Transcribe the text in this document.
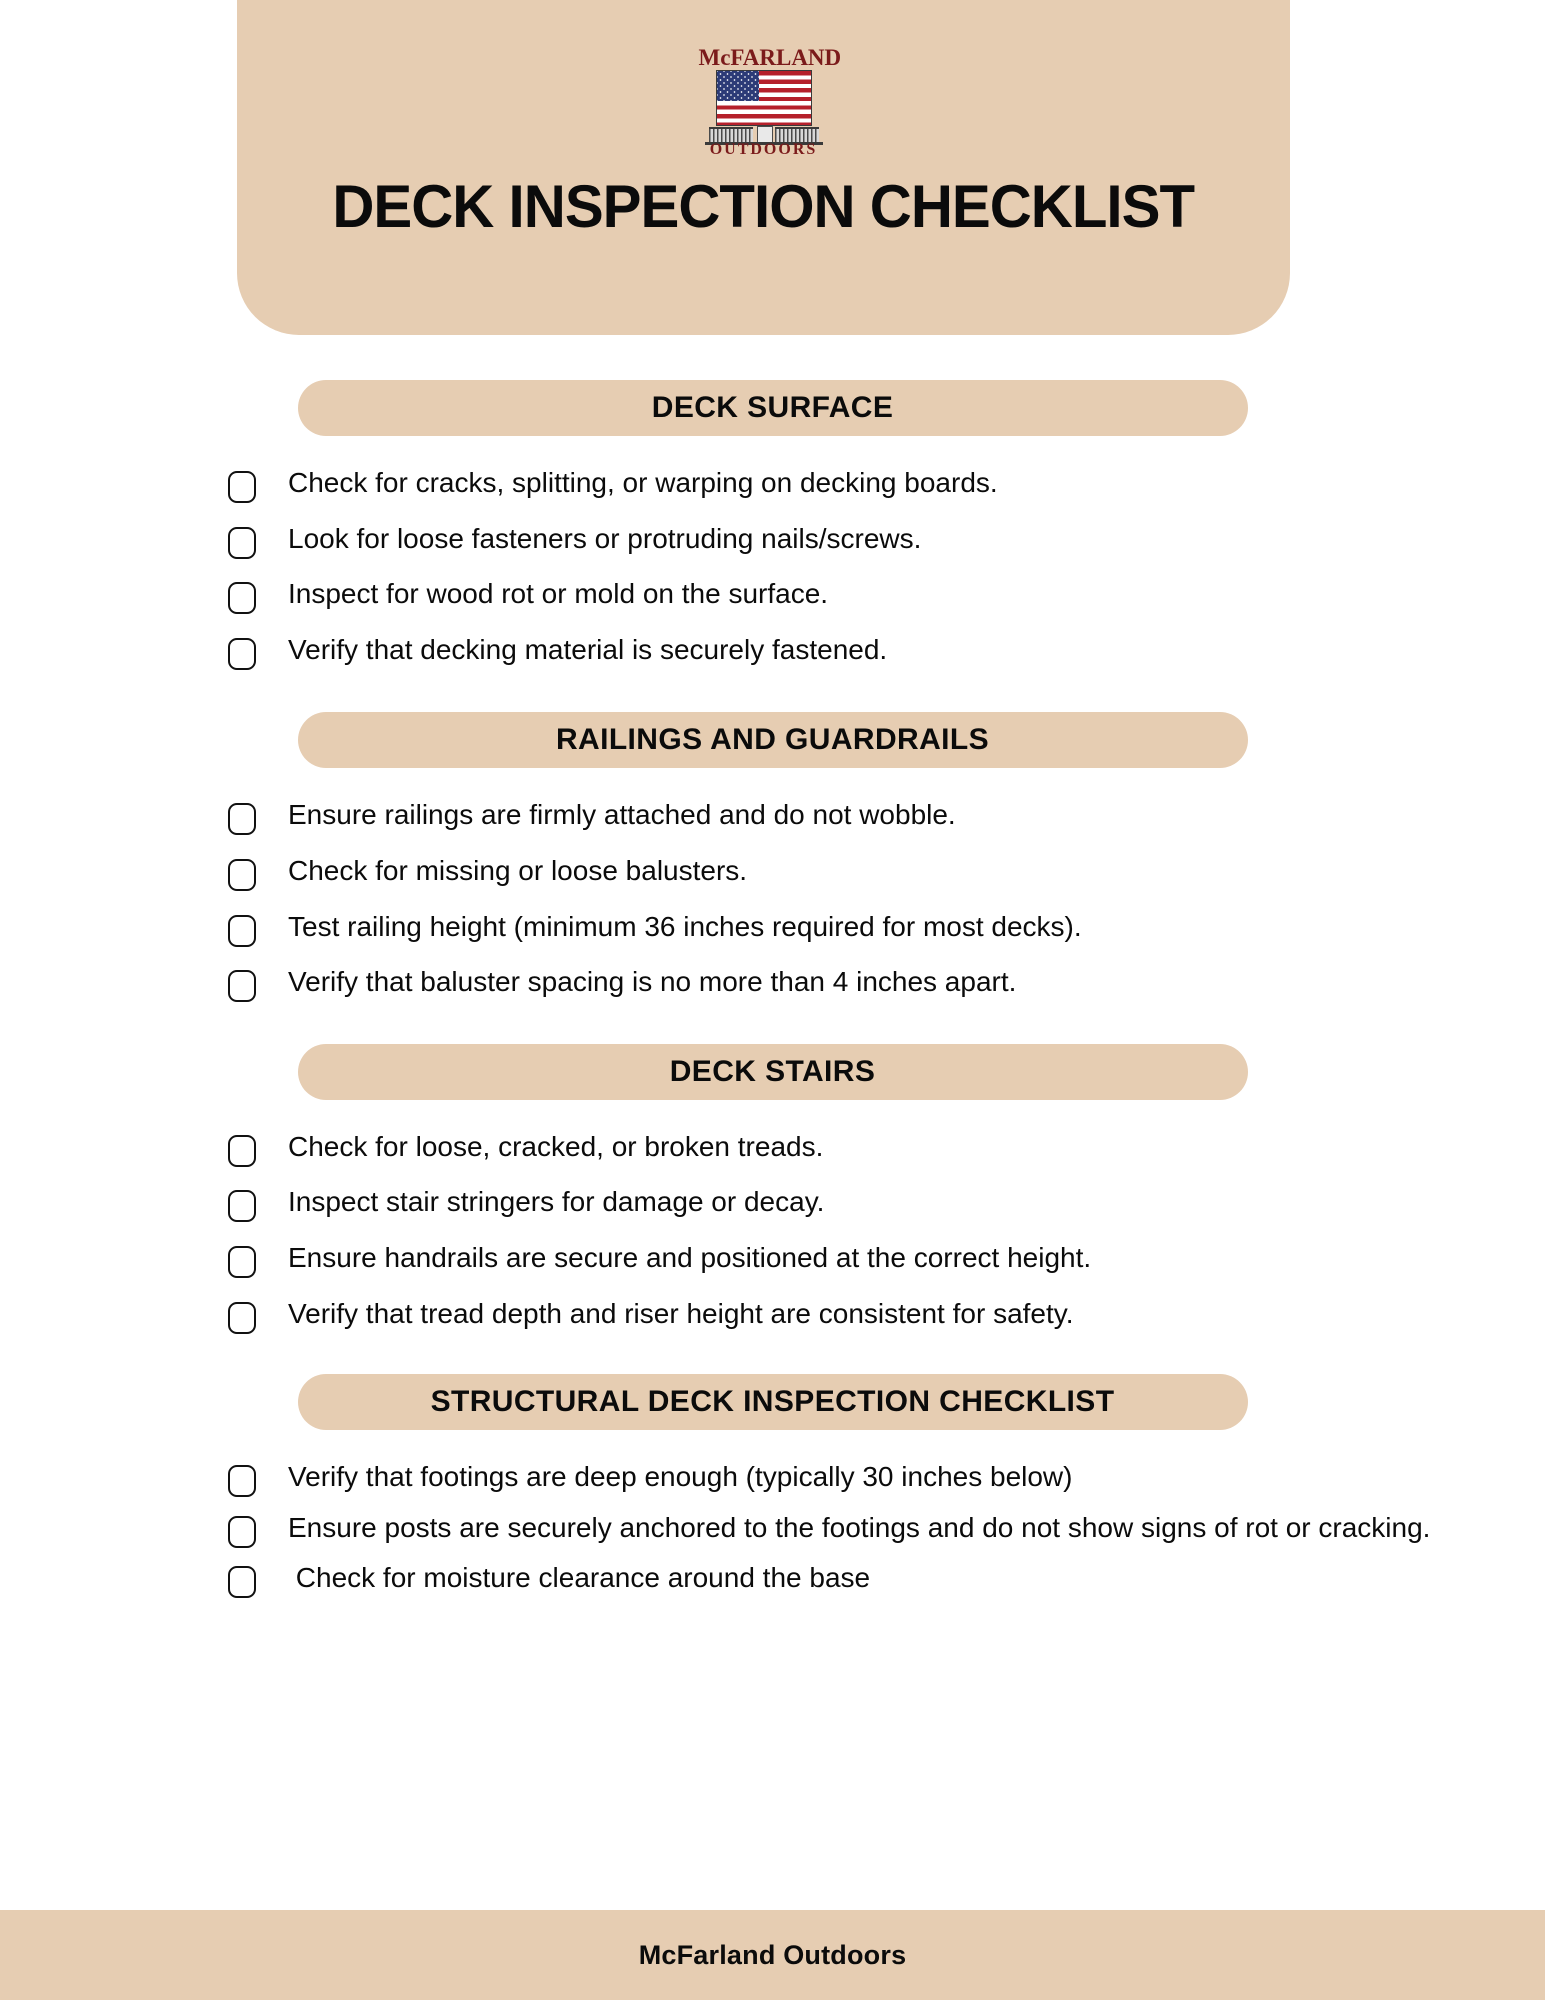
McFARLAND
OUTDOORS
DECK INSPECTION CHECKLIST
DECK SURFACE
Check for cracks, splitting, or warping on decking boards.
Look for loose fasteners or protruding nails/screws.
Inspect for wood rot or mold on the surface.
Verify that decking material is securely fastened.
RAILINGS AND GUARDRAILS
Ensure railings are firmly attached and do not wobble.
Check for missing or loose balusters.
Test railing height (minimum 36 inches required for most decks).
Verify that baluster spacing is no more than 4 inches apart.
DECK STAIRS
Check for loose, cracked, or broken treads.
Inspect stair stringers for damage or decay.
Ensure handrails are secure and positioned at the correct height.
Verify that tread depth and riser height are consistent for safety.
STRUCTURAL DECK INSPECTION CHECKLIST
Verify that footings are deep enough (typically 30 inches below)
Ensure posts are securely anchored to the footings and do not show signs of rot or cracking.
Check for moisture clearance around the base
McFarland Outdoors
